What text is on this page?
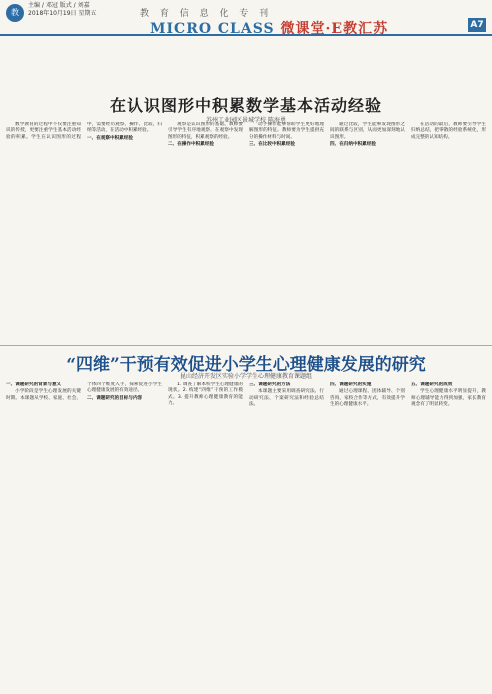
教
主编 / 邓冠 版式 / 刘嘉
2018年10月19日 星期五	教 育 信 息 化 专 刊
MICRO CLASS 微课堂·E教汇苏	A7
在认识图形中积累数学基本活动经验
苏州工业园区景城学校 陈海勇

数学教育的过程中不仅要注重知识的传授，更要注重学生基本活动经验的积累。学生在认识图形的过程中，需要经历观察、操作、比较、归纳等活动，在活动中积累经验。

一、在观察中积累经验

观察是认识图形的基础。教师要引导学生有序地观察，在观察中发现图形的特征，积累观察的经验。

二、在操作中积累经验

动手操作能够帮助学生更好地理解图形的特征。教师要为学生提供充分的操作材料与时间。

三、在比较中积累经验

通过比较，学生能够发现图形之间的联系与区别，从而更加深刻地认识图形。

四、在归纳中积累经验

在活动的最后，教师要引导学生归纳总结，把零散的经验系统化，形成完整的认知结构。

“四维”干预有效促进小学生心理健康发展的研究
昆山经济开发区实验小学学生心理健康教育课题组

一、课题研究的背景与意义

小学阶段是学生心理发展的关键时期。本课题从学校、家庭、社会、个体四个维度入手，探索促进小学生心理健康发展的有效途径。

二、课题研究的目标与内容

1. 调查了解本校学生心理健康的现状。2. 构建“四维”干预的工作模式。3. 提升教师心理健康教育的能力。

三、课题研究的方法

本课题主要采用调查研究法、行动研究法、个案研究法和经验总结法。

四、课题研究的实施

通过心理课程、团体辅导、个别咨询、家校合作等方式，有效提升学生的心理健康水平。

五、课题研究的成效

学生心理健康水平明显提升，教师心理辅导能力得到加强，家长教育观念有了明显转变。
